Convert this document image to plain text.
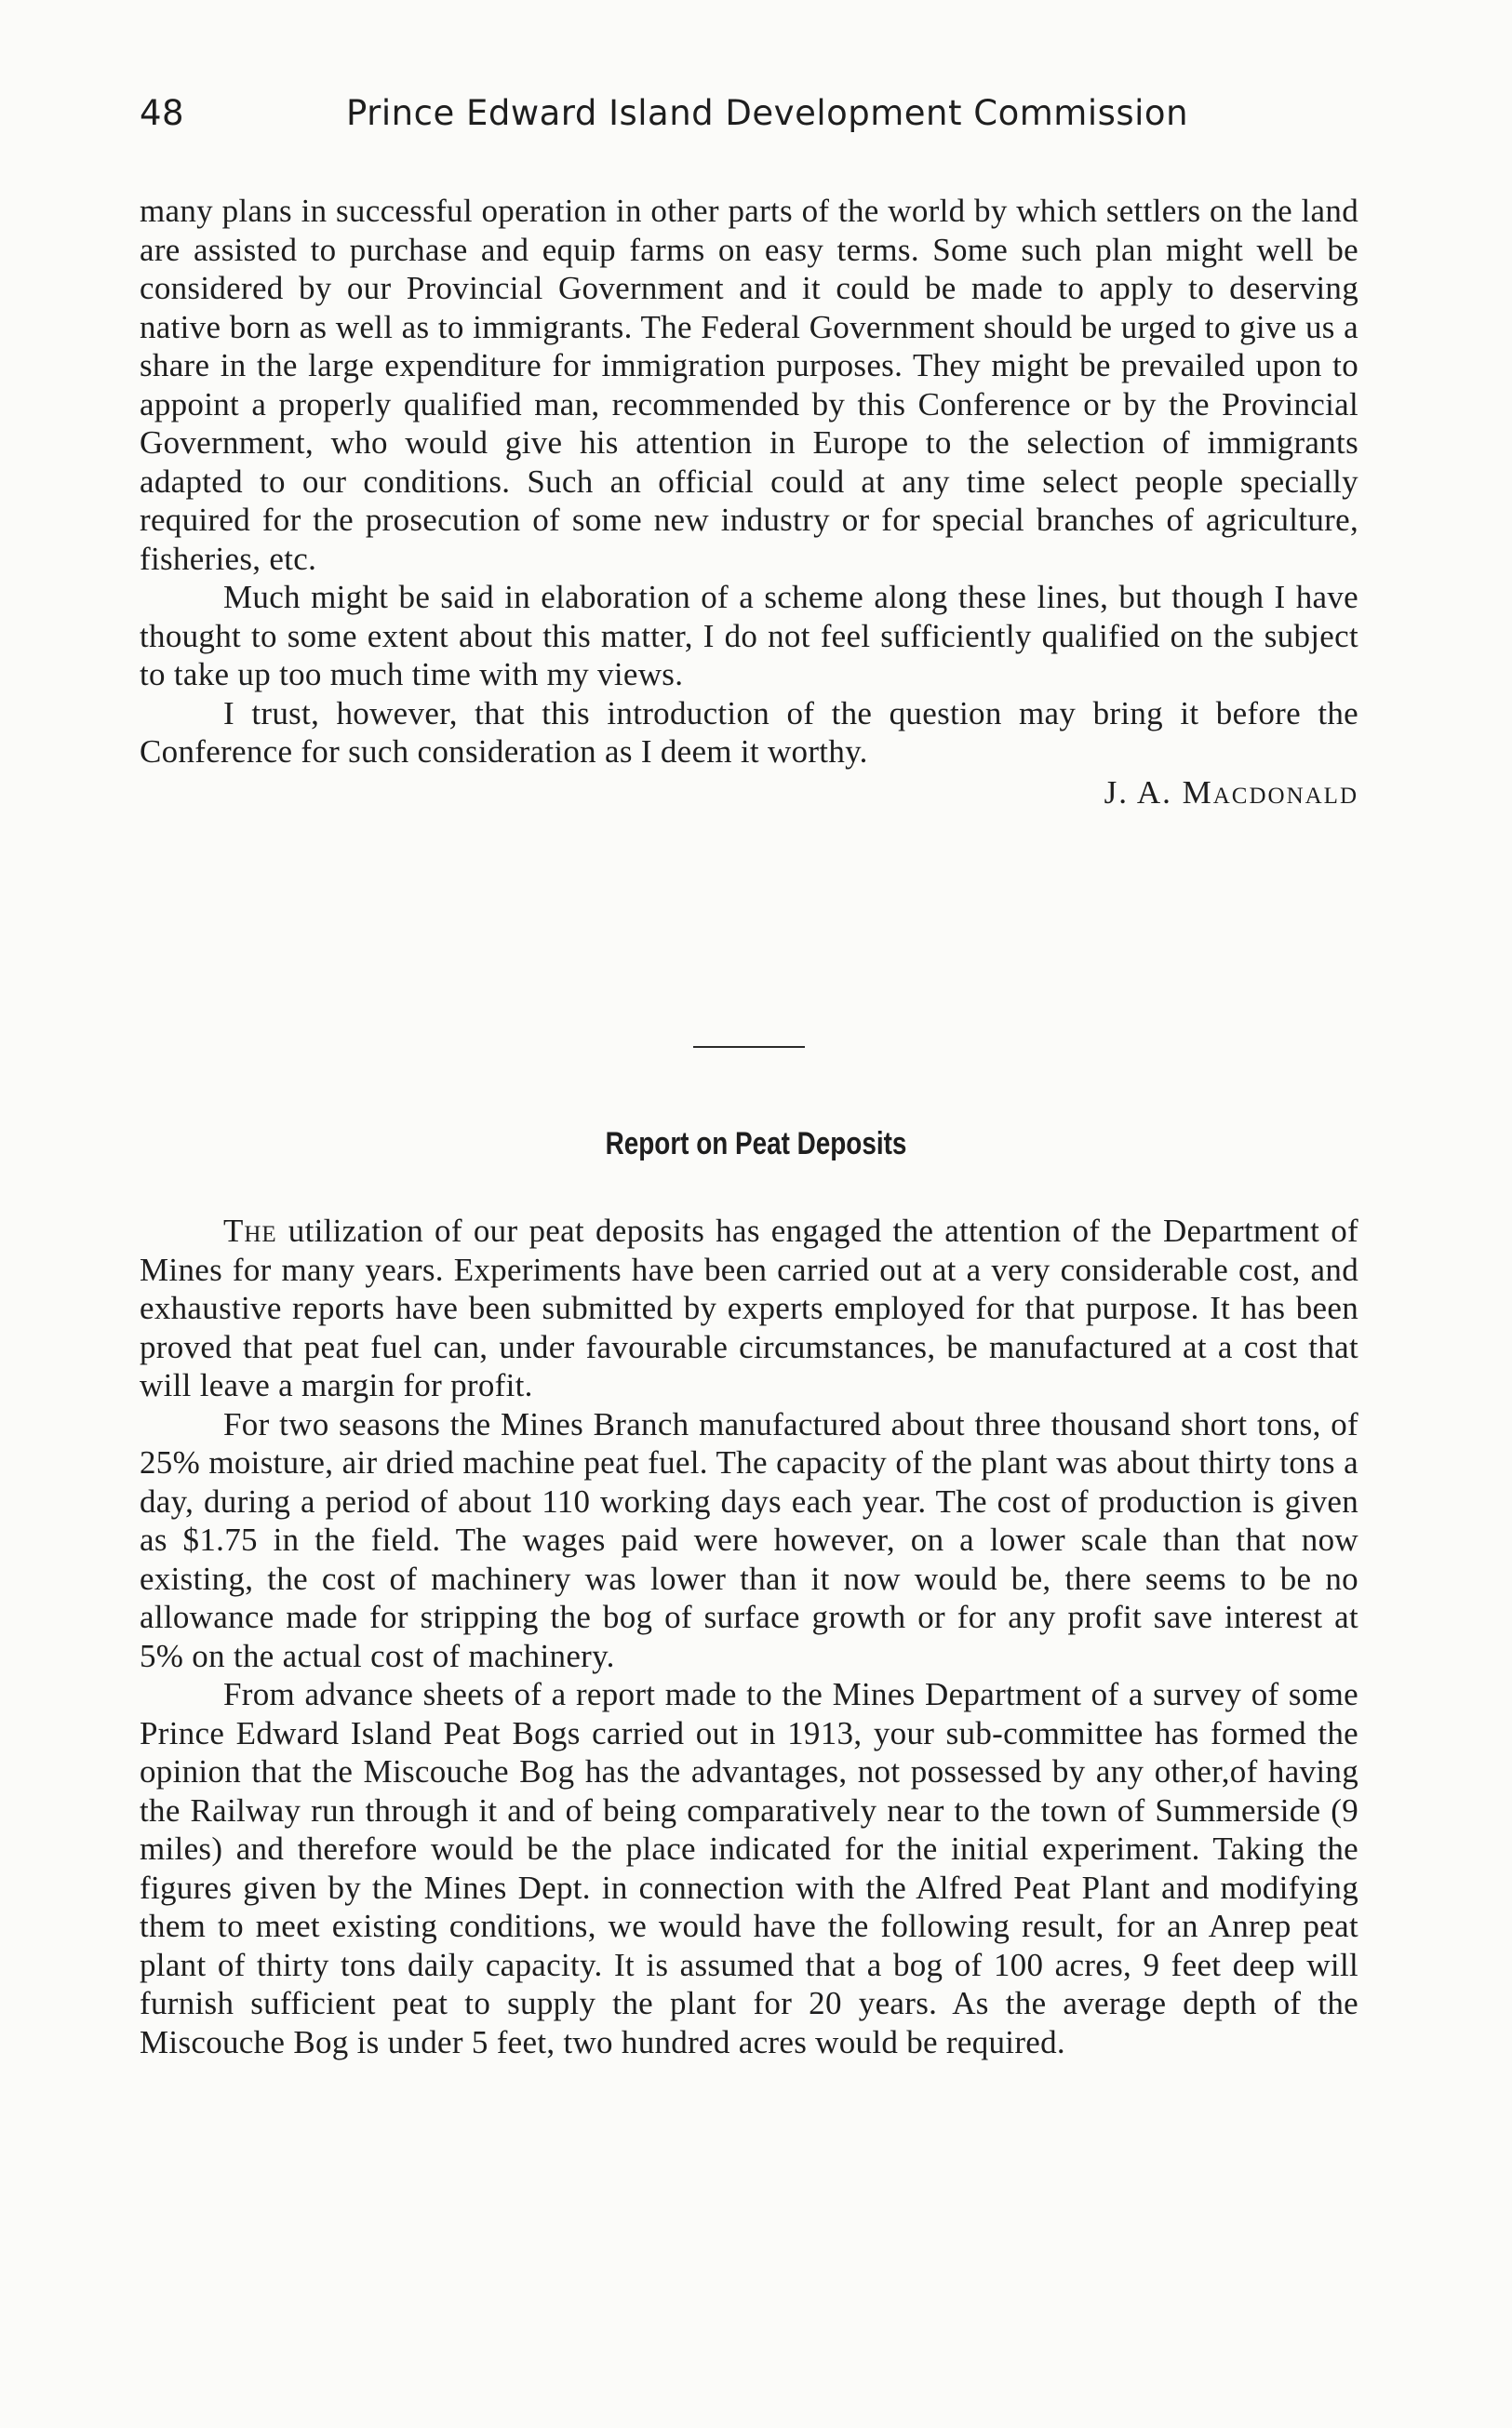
48	Prince Edward Island Development Commission

many plans in successful operation in other parts of the world by which settlers on the land are assisted to purchase and equip farms on easy terms. Some such plan might well be considered by our Provincial Government and it could be made to apply to deserving native born as well as to immigrants. The Federal Government should be urged to give us a share in the large expenditure for immigration purposes. They might be prevailed upon to appoint a properly qualified man, recommended by this Conference or by the Provincial Government, who would give his attention in Europe to the selection of immigrants adapted to our conditions. Such an official could at any time select people specially required for the prosecution of some new industry or for special branches of agriculture, fisheries, etc.

Much might be said in elaboration of a scheme along these lines, but though I have thought to some extent about this matter, I do not feel sufficiently qualified on the subject to take up too much time with my views.

I trust, however, that this introduction of the question may bring it before the Conference for such consideration as I deem it worthy.

J. A. Macdonald
Report on Peat Deposits

The utilization of our peat deposits has engaged the attention of the Department of Mines for many years. Experiments have been carried out at a very considerable cost, and exhaustive reports have been submitted by experts employed for that purpose. It has been proved that peat fuel can, under favourable circumstances, be manufactured at a cost that will leave a margin for profit.

For two seasons the Mines Branch manufactured about three thousand short tons, of 25% moisture, air dried machine peat fuel. The capacity of the plant was about thirty tons a day, during a period of about 110 working days each year. The cost of production is given as $1.75 in the field. The wages paid were however, on a lower scale than that now existing, the cost of machinery was lower than it now would be, there seems to be no allowance made for stripping the bog of surface growth or for any profit save interest at 5% on the actual cost of machinery.

From advance sheets of a report made to the Mines Department of a survey of some Prince Edward Island Peat Bogs carried out in 1913, your sub-committee has formed the opinion that the Miscouche Bog has the advantages, not possessed by any other,of having the Railway run through it and of being comparatively near to the town of Summerside (9 miles) and therefore would be the place indicated for the initial experiment. Taking the figures given by the Mines Dept. in connection with the Alfred Peat Plant and modifying them to meet existing conditions, we would have the following result, for an Anrep peat plant of thirty tons daily capacity. It is assumed that a bog of 100 acres, 9 feet deep will furnish sufficient peat to supply the plant for 20 years. As the average depth of the Miscouche Bog is under 5 feet, two hundred acres would be required.
